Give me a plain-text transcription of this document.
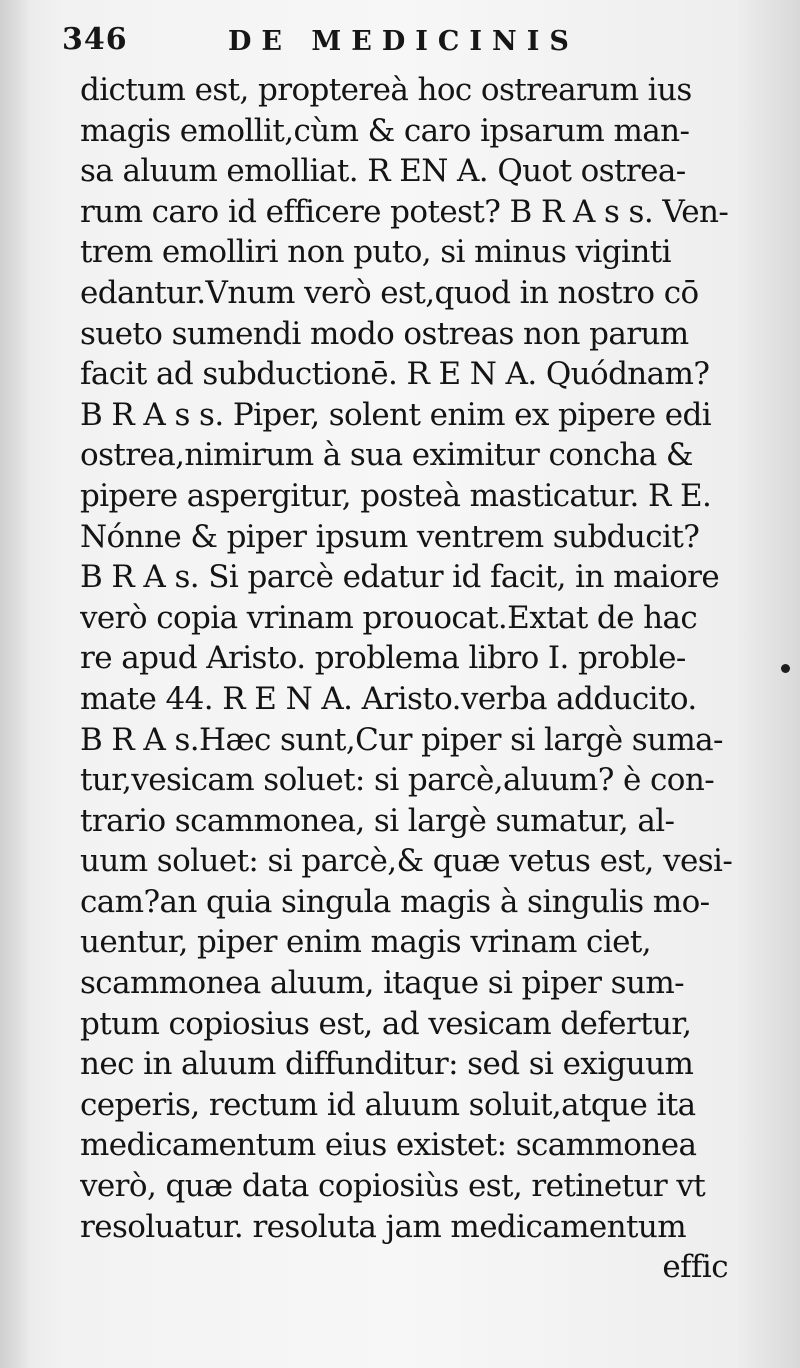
346	DE MEDICINIS
dictum est, proptereà hoc ostrearum ius
magis emollit,cùm & caro ipsarum man-
sa aluum emolliat. R EN A. Quot ostrea-
rum caro id efficere potest? B R A s s. Ven-
trem emolliri non puto, si minus viginti
edantur.Vnum verò est,quod in nostro cō
sueto sumendi modo ostreas non parum
facit ad subductionē. R E N A. Quódnam?
B R A s s. Piper, solent enim ex pipere edi
ostrea,nimirum à sua eximitur concha &
pipere aspergitur, posteà masticatur. R E.
Nónne & piper ipsum ventrem subducit?
B R A s. Si parcè edatur id facit, in maiore
verò copia vrinam prouocat.Extat de hac
re apud Aristo. problema libro I. proble-
mate 44. R E N A. Aristo.verba adducito.
B R A s.Hæc sunt,Cur piper si largè suma-
tur,vesicam soluet: si parcè,aluum? è con-
trario scammonea, si largè sumatur, al-
uum soluet: si parcè,& quæ vetus est, vesi-
cam?an quia singula magis à singulis mo-
uentur, piper enim magis vrinam ciet,
scammonea aluum, itaque si piper sum-
ptum copiosius est, ad vesicam defertur,
nec in aluum diffunditur: sed si exiguum
ceperis, rectum id aluum soluit,atque ita
medicamentum eius existet: scammonea
verò, quæ data copiosiùs est, retinetur vt
resoluatur. resoluta jam medicamentum
effic
